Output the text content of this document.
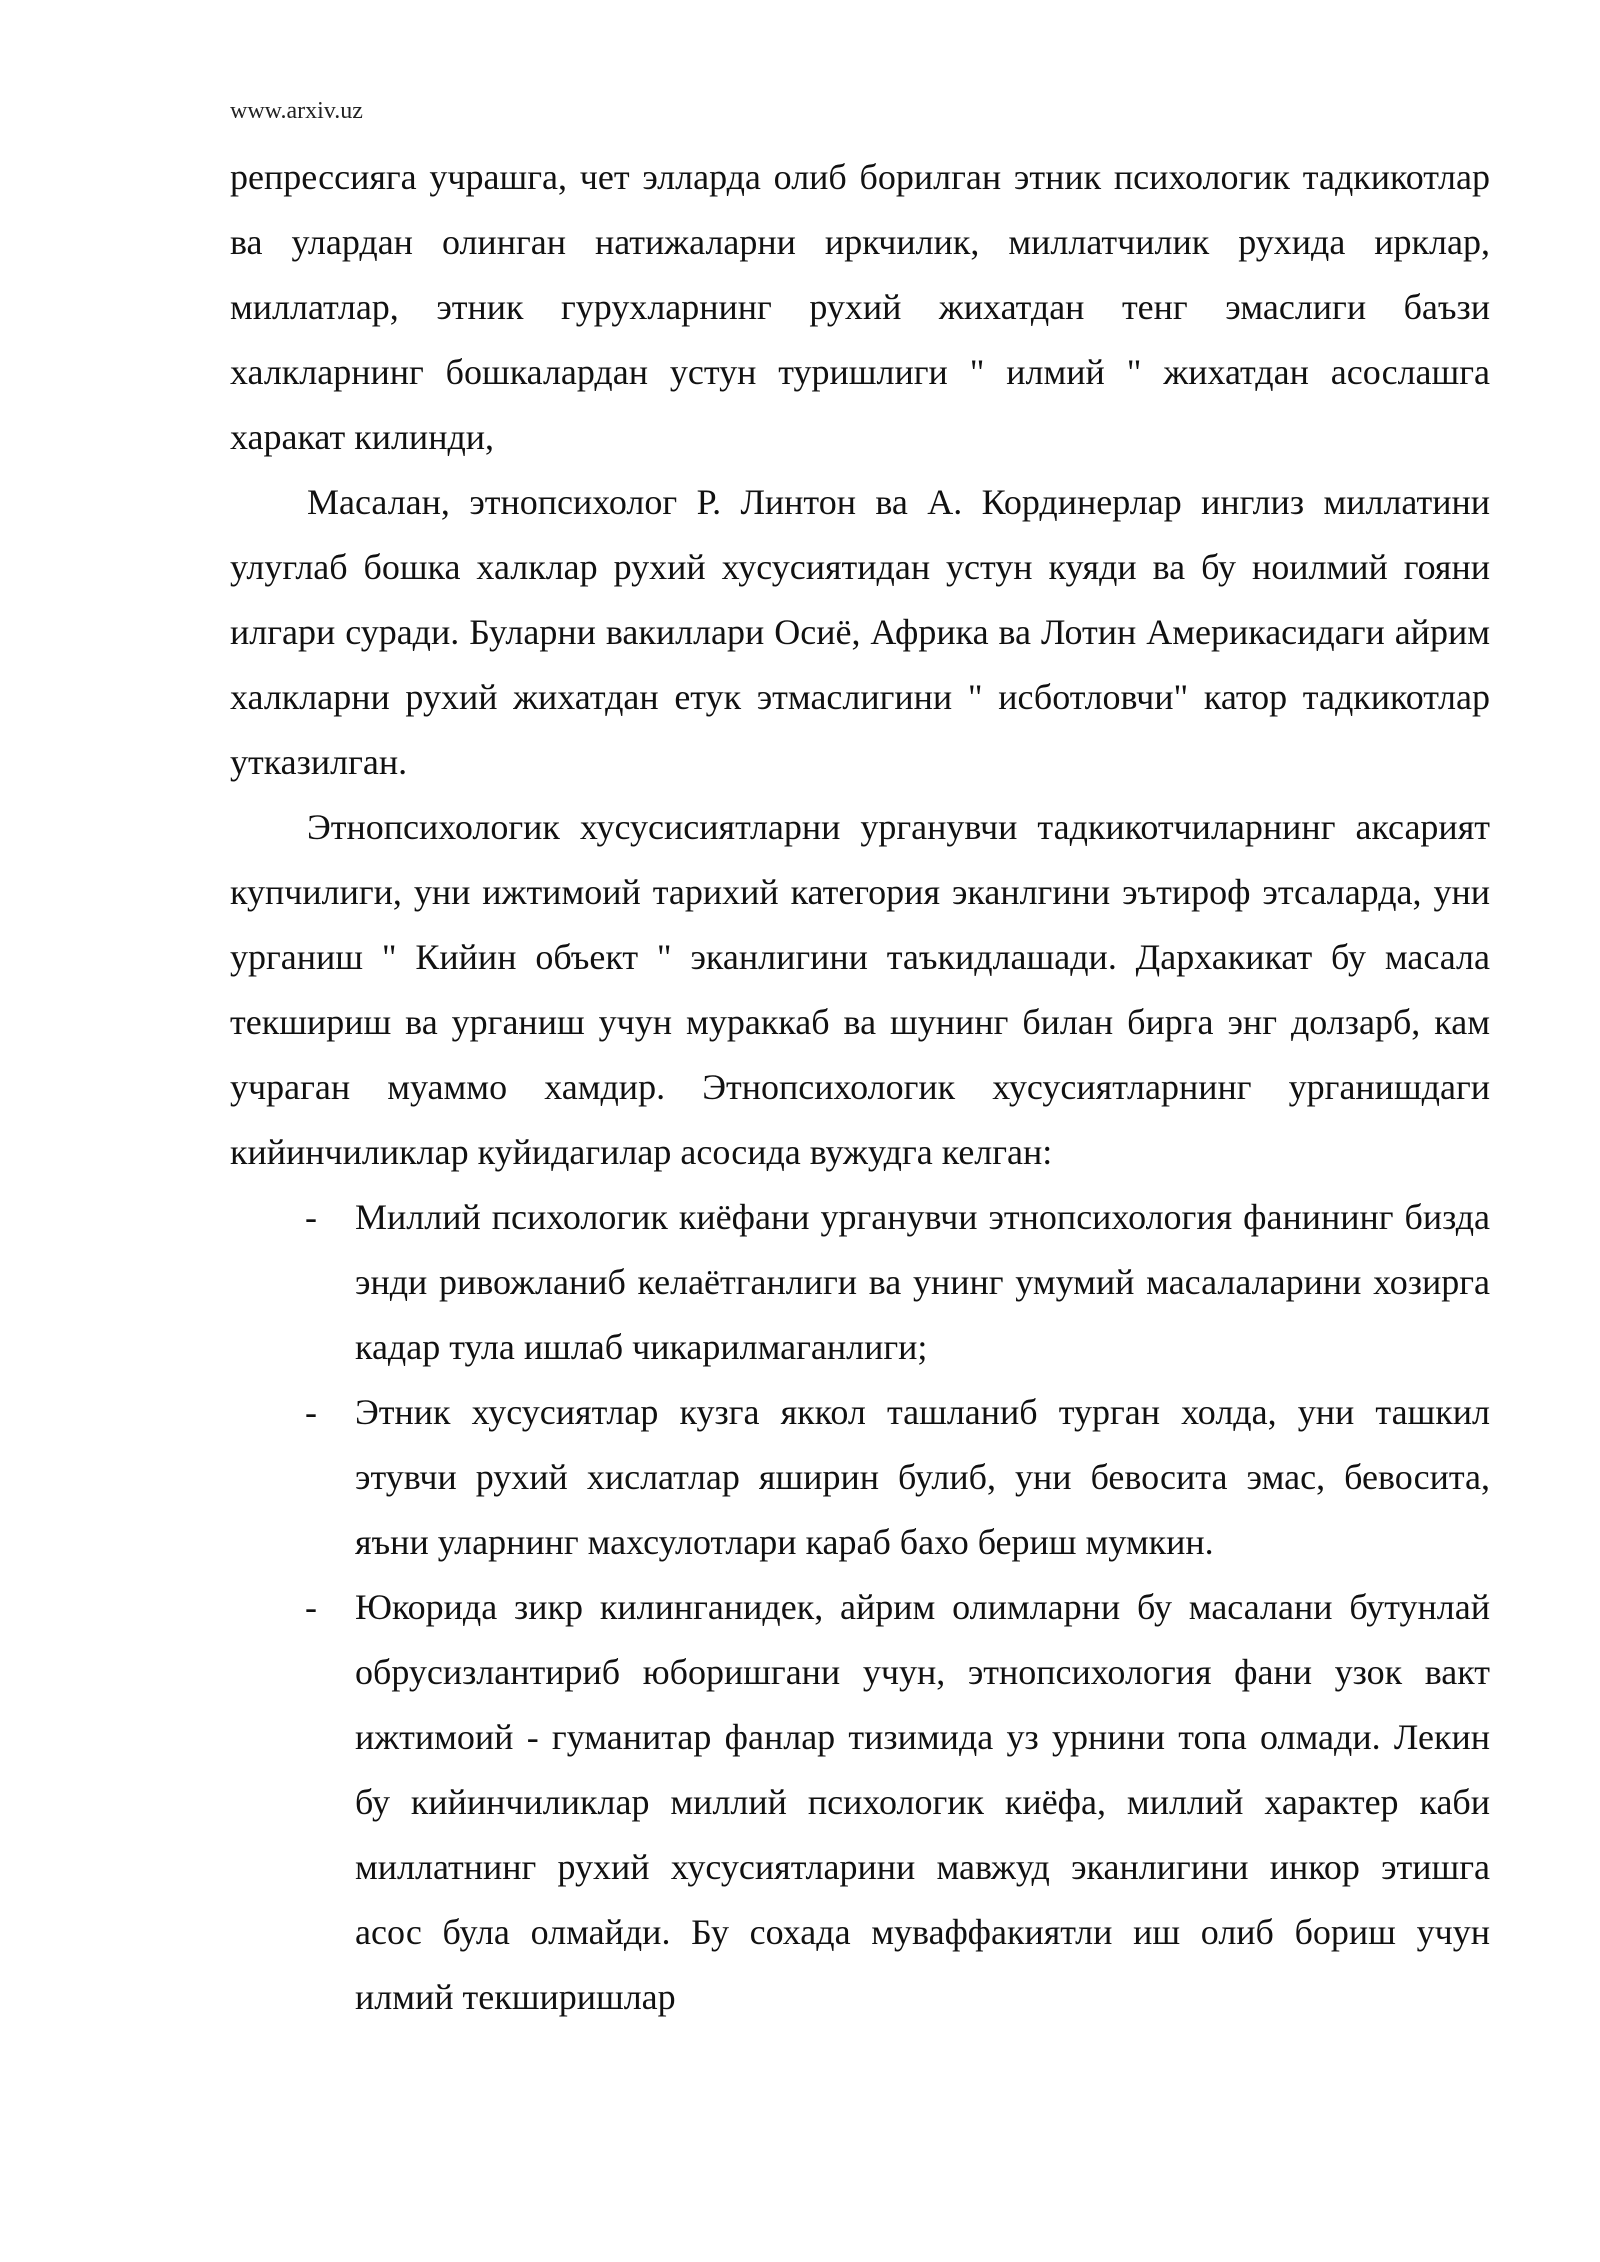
www.arxiv.uz

репрессияга учрашга, чет элларда олиб борилган этник психологик тадкикотлар ва улардан олинган натижаларни иркчилик, миллатчилик рухида ирклар, миллатлар, этник гурухларнинг рухий жихатдан тенг эмаслиги баъзи халкларнинг бошкалардан устун туришлиги " илмий " жихатдан асослашга харакат килинди,

Масалан, этнопсихолог Р. Линтон ва А. Кординерлар инглиз миллатини улуглаб бошка халклар рухий хусусиятидан устун куяди ва бу ноилмий гояни илгари суради. Буларни вакиллари Осиё, Африка ва Лотин Америкасидаги айрим халкларни рухий жихатдан етук этмаслигини " исботловчи" катор тадкикотлар утказилган.

Этнопсихологик хусусисиятларни урганувчи тадкикотчиларнинг аксарият купчилиги, уни ижтимоий тарихий категория эканлгини эътироф этсаларда, уни урганиш " Кийин объект " эканлигини таъкидлашади. Дархакикат бу масала текшириш ва урганиш учун мураккаб ва шунинг билан бирга энг долзарб, кам учраган муаммо хамдир. Этнопсихологик хусусиятларнинг урганишдаги кийинчиликлар куйидагилар асосида вужудга келган:

- Миллий психологик киёфани урганувчи этнопсихология фанининг бизда энди ривожланиб келаётганлиги ва унинг умумий масалаларини хозирга кадар тула ишлаб чикарилмаганлиги;
- Этник хусусиятлар кузга яккол ташланиб турган холда, уни ташкил этувчи рухий хислатлар яширин булиб, уни бевосита эмас, бевосита, яъни уларнинг махсулотлари караб бахо бериш мумкин.
- Юкорида зикр килинганидек, айрим олимларни бу масалани бутунлай обрусизлантириб юборишгани учун, этнопсихология фани узок вакт ижтимоий - гуманитар фанлар тизимида уз урнини топа олмади. Лекин бу кийинчиликлар миллий психологик киёфа, миллий характер каби миллатнинг рухий хусусиятларини мавжуд эканлигини инкор этишга асос була олмайди. Бу сохада муваффакиятли иш олиб бориш учун илмий текширишлар
